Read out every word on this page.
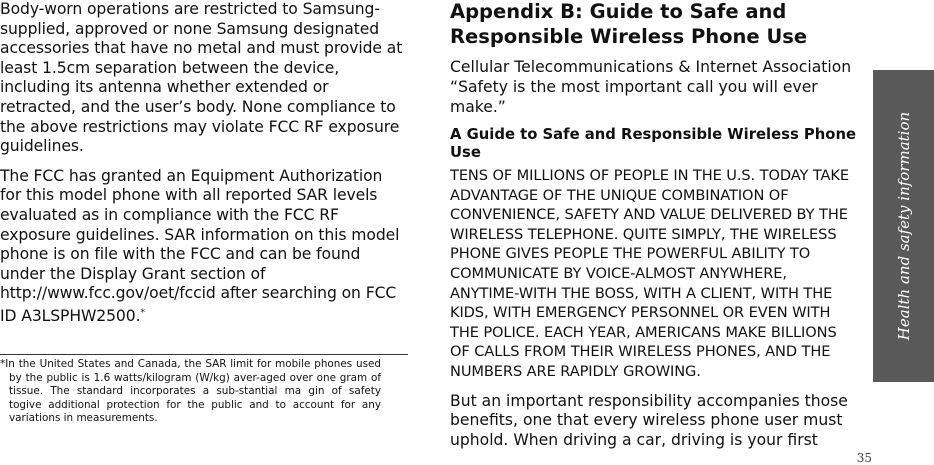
Body-worn operations are restricted to Samsung-supplied, approved or none Samsung designated accessories that have no metal and must provide at least 1.5cm separation between the device, including its antenna whether extended or retracted, and the user’s body. None compliance to the above restrictions may violate FCC RF exposure guidelines.

The FCC has granted an Equipment Authorization for this model phone with all reported SAR levels evaluated as in compliance with the FCC RF exposure guidelines. SAR information on this model phone is on file with the FCC and can be found under the Display Grant section of http://www.fcc.gov/oet/fccid after searching on FCC ID A3LSPHW2500.*

*In the United States and Canada, the SAR limit for mobile phones used by the public is 1.6 watts/kilogram (W/kg) aver-aged over one gram of tissue. The standard incorporates a sub-stantial ma gin of safety togive additional protection for the public and to account for any variations in measurements.
Appendix B: Guide to Safe and Responsible Wireless Phone Use

Cellular Telecommunications & Internet Association “Safety is the most important call you will ever make.”

A Guide to Safe and Responsible Wireless Phone Use

TENS OF MILLIONS OF PEOPLE IN THE U.S. TODAY TAKE ADVANTAGE OF THE UNIQUE COMBINATION OF CONVENIENCE, SAFETY AND VALUE DELIVERED BY THE WIRELESS TELEPHONE. QUITE SIMPLY, THE WIRELESS PHONE GIVES PEOPLE THE POWERFUL ABILITY TO COMMUNICATE BY VOICE-ALMOST ANYWHERE, ANYTIME-WITH THE BOSS, WITH A CLIENT, WITH THE KIDS, WITH EMERGENCY PERSONNEL OR EVEN WITH THE POLICE. EACH YEAR, AMERICANS MAKE BILLIONS OF CALLS FROM THEIR WIRELESS PHONES, AND THE NUMBERS ARE RAPIDLY GROWING.

But an important responsibility accompanies those benefits, one that every wireless phone user must uphold. When driving a car, driving is your first

Health and safety information
35
